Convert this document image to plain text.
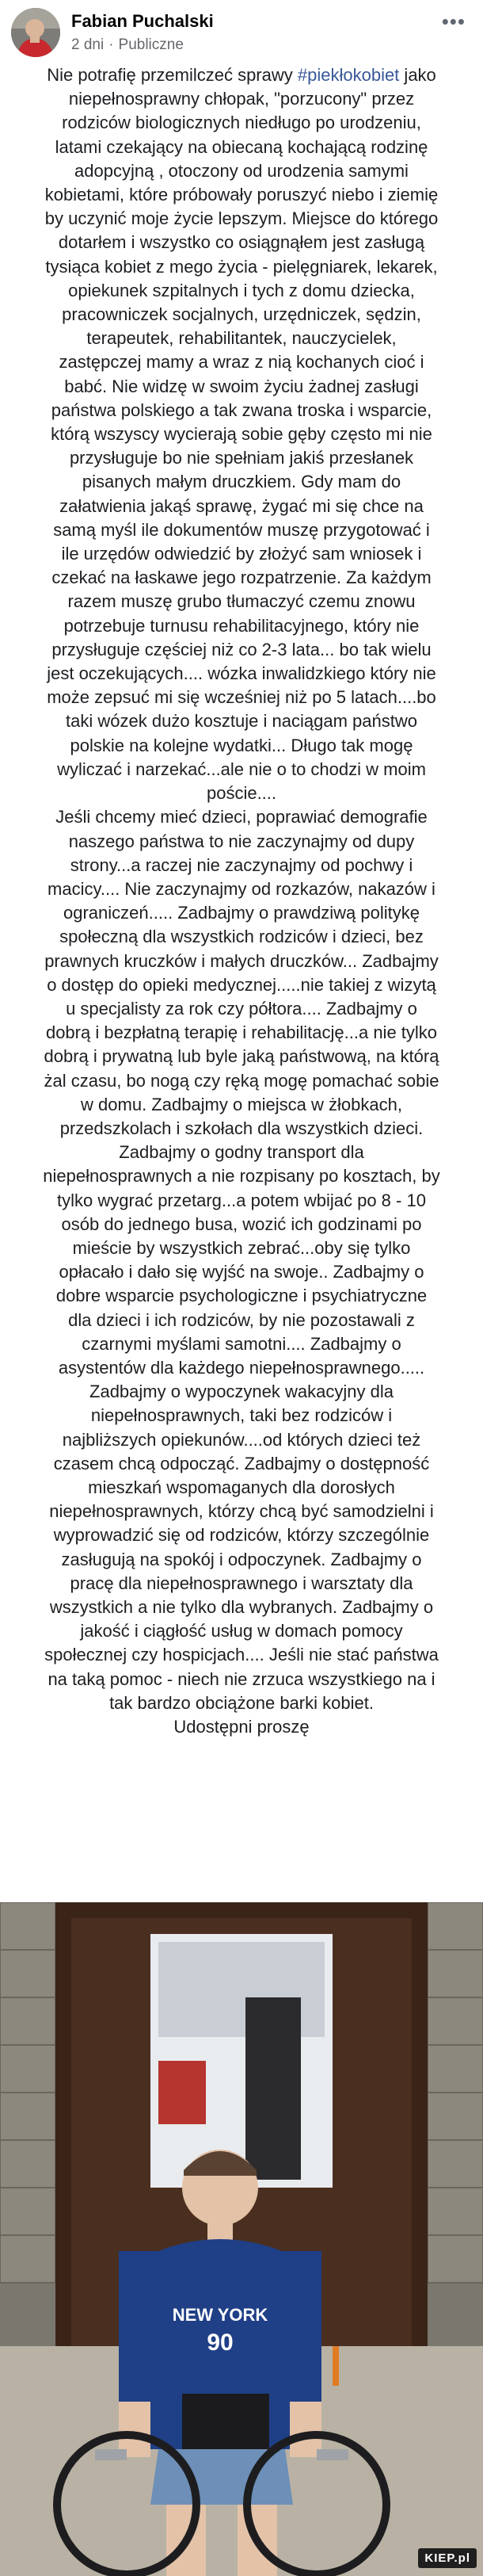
Fabian Puchalski
2 dni · Publiczne
•••
Nie potrafię przemilczeć sprawy #piekłokobiet jako
niepełnosprawny chłopak, "porzucony" przez
rodziców biologicznych niedługo po urodzeniu,
latami czekający na obiecaną kochającą rodzinę
adopcyjną , otoczony od urodzenia samymi
kobietami, które próbowały poruszyć niebo i ziemię
by uczynić moje życie lepszym. Miejsce do którego
dotarłem i wszystko co osiągnąłem jest zasługą
tysiąca kobiet z mego życia - pielęgniarek, lekarek,
opiekunek szpitalnych i tych z domu dziecka,
pracowniczek socjalnych, urzędniczek, sędzin,
terapeutek, rehabilitantek, nauczycielek,
zastępczej mamy a wraz z nią kochanych cioć i
babć. Nie widzę w swoim życiu żadnej zasługi
państwa polskiego a tak zwana troska i wsparcie,
którą wszyscy wycierają sobie gęby często mi nie
przysługuje bo nie spełniam jakiś przesłanek
pisanych małym druczkiem. Gdy mam do
załatwienia jakąś sprawę, żygać mi się chce na
samą myśl ile dokumentów muszę przygotować i
ile urzędów odwiedzić by złożyć sam wniosek i
czekać na łaskawe jego rozpatrzenie. Za każdym
razem muszę grubo tłumaczyć czemu znowu
potrzebuje turnusu rehabilitacyjnego, który nie
przysługuje częściej niż co 2-3 lata... bo tak wielu
jest oczekujących.... wózka inwalidzkiego który nie
może zepsuć mi się wcześniej niż po 5 latach....bo
taki wózek dużo kosztuje i naciągam państwo
polskie na kolejne wydatki... Długo tak mogę
wyliczać i narzekać...ale nie o to chodzi w moim
poście....
Jeśli chcemy mieć dzieci, poprawiać demografie
naszego państwa to nie zaczynajmy od dupy
strony...a raczej nie zaczynajmy od pochwy i
macicy.... Nie zaczynajmy od rozkazów, nakazów i
ograniczeń..... Zadbajmy o prawdziwą politykę
społeczną dla wszystkich rodziców i dzieci, bez
prawnych kruczków i małych druczków... Zadbajmy
o dostęp do opieki medycznej.....nie takiej z wizytą
u specjalisty za rok czy półtora.... Zadbajmy o
dobrą i bezpłatną terapię i rehabilitację...a nie tylko
dobrą i prywatną lub byle jaką państwową, na którą
żal czasu, bo nogą czy ręką mogę pomachać sobie
w domu. Zadbajmy o miejsca w żłobkach,
przedszkolach i szkołach dla wszystkich dzieci.
Zadbajmy o godny transport dla
niepełnosprawnych a nie rozpisany po kosztach, by
tylko wygrać przetarg...a potem wbijać po 8 - 10
osób do jednego busa, wozić ich godzinami po
mieście by wszystkich zebrać...oby się tylko
opłacało i dało się wyjść na swoje.. Zadbajmy o
dobre wsparcie psychologiczne i psychiatryczne
dla dzieci i ich rodziców, by nie pozostawali z
czarnymi myślami samotni.... Zadbajmy o
asystentów dla każdego niepełnosprawnego.....
Zadbajmy o wypoczynek wakacyjny dla
niepełnosprawnych, taki bez rodziców i
najbliższych opiekunów....od których dzieci też
czasem chcą odpocząć. Zadbajmy o dostępność
mieszkań wspomaganych dla dorosłych
niepełnosprawnych, którzy chcą być samodzielni i
wyprowadzić się od rodziców, którzy szczególnie
zasługują na spokój i odpoczynek. Zadbajmy o
pracę dla niepełnosprawnego i warsztaty dla
wszystkich a nie tylko dla wybranych. Zadbajmy o
jakość i ciągłość usług w domach pomocy
społecznej czy hospicjach.... Jeśli nie stać państwa
na taką pomoc - niech nie zrzuca wszystkiego na i
tak bardzo obciążone barki kobiet.
Udostępni proszę
NEW YORK
90
KIEP.pl
